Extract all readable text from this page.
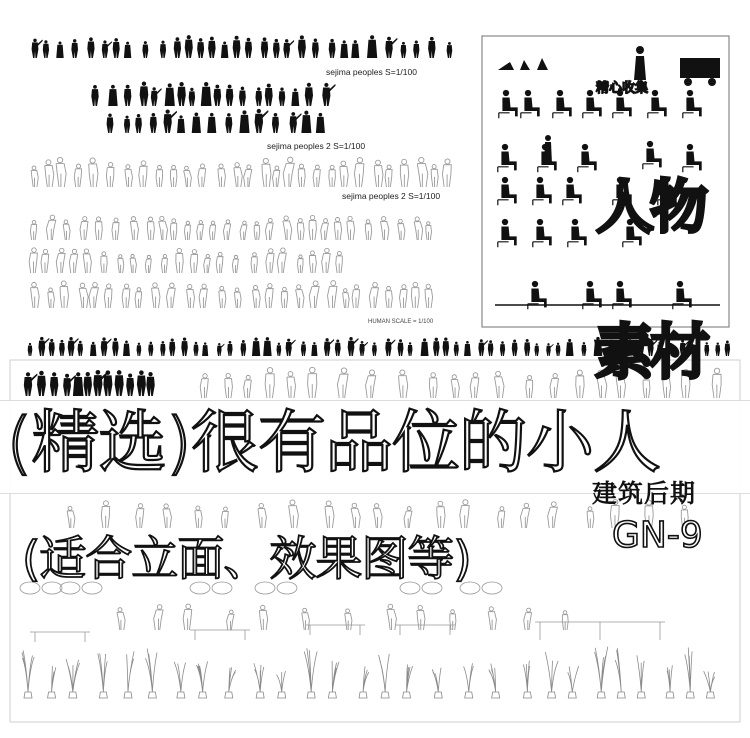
sejima peoples S=1/100
sejima peoples 2 S=1/100
sejima peoples 2 S=1/100
HUMAN SCALE = 1/100
精心收集
人物
素材
(精选)很有品位的小人
建筑后期
GN-9
(适合立面、效果图等)
